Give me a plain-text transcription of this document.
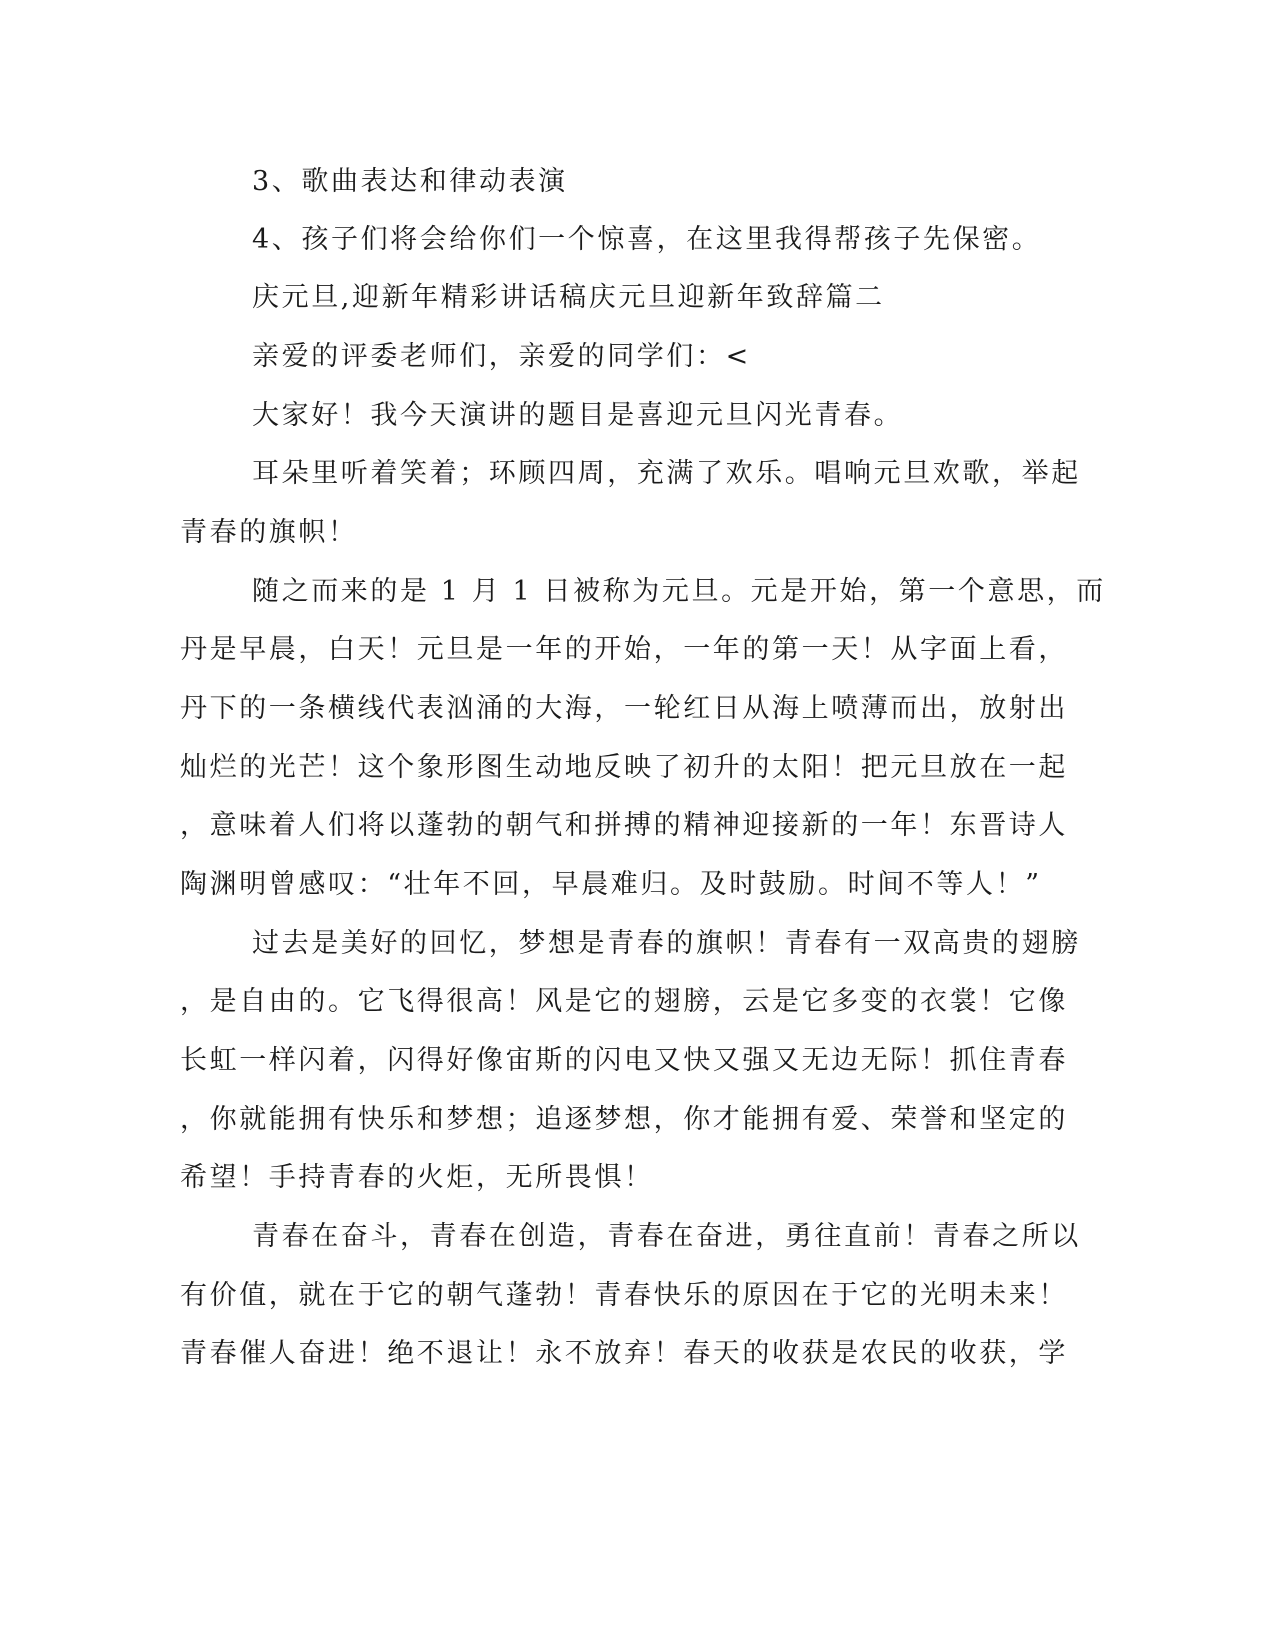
3、歌曲表达和律动表演
4、孩子们将会给你们一个惊喜，在这里我得帮孩子先保密。
庆元旦,迎新年精彩讲话稿庆元旦迎新年致辞篇二
亲爱的评委老师们，亲爱的同学们：<
大家好！我今天演讲的题目是喜迎元旦闪光青春。
耳朵里听着笑着；环顾四周，充满了欢乐。唱响元旦欢歌，举起
青春的旗帜！
随之而来的是 1 月 1 日被称为元旦。元是开始，第一个意思，而
丹是早晨，白天！元旦是一年的开始，一年的第一天！从字面上看，
丹下的一条横线代表汹涌的大海，一轮红日从海上喷薄而出，放射出
灿烂的光芒！这个象形图生动地反映了初升的太阳！把元旦放在一起
，意味着人们将以蓬勃的朝气和拼搏的精神迎接新的一年！东晋诗人
陶渊明曾感叹：“壮年不回，早晨难归。及时鼓励。时间不等人！”
过去是美好的回忆，梦想是青春的旗帜！青春有一双高贵的翅膀
，是自由的。它飞得很高！风是它的翅膀，云是它多变的衣裳！它像
长虹一样闪着，闪得好像宙斯的闪电又快又强又无边无际！抓住青春
，你就能拥有快乐和梦想；追逐梦想，你才能拥有爱、荣誉和坚定的
希望！手持青春的火炬，无所畏惧！
青春在奋斗，青春在创造，青春在奋进，勇往直前！青春之所以
有价值，就在于它的朝气蓬勃！青春快乐的原因在于它的光明未来！
青春催人奋进！绝不退让！永不放弃！春天的收获是农民的收获，学
